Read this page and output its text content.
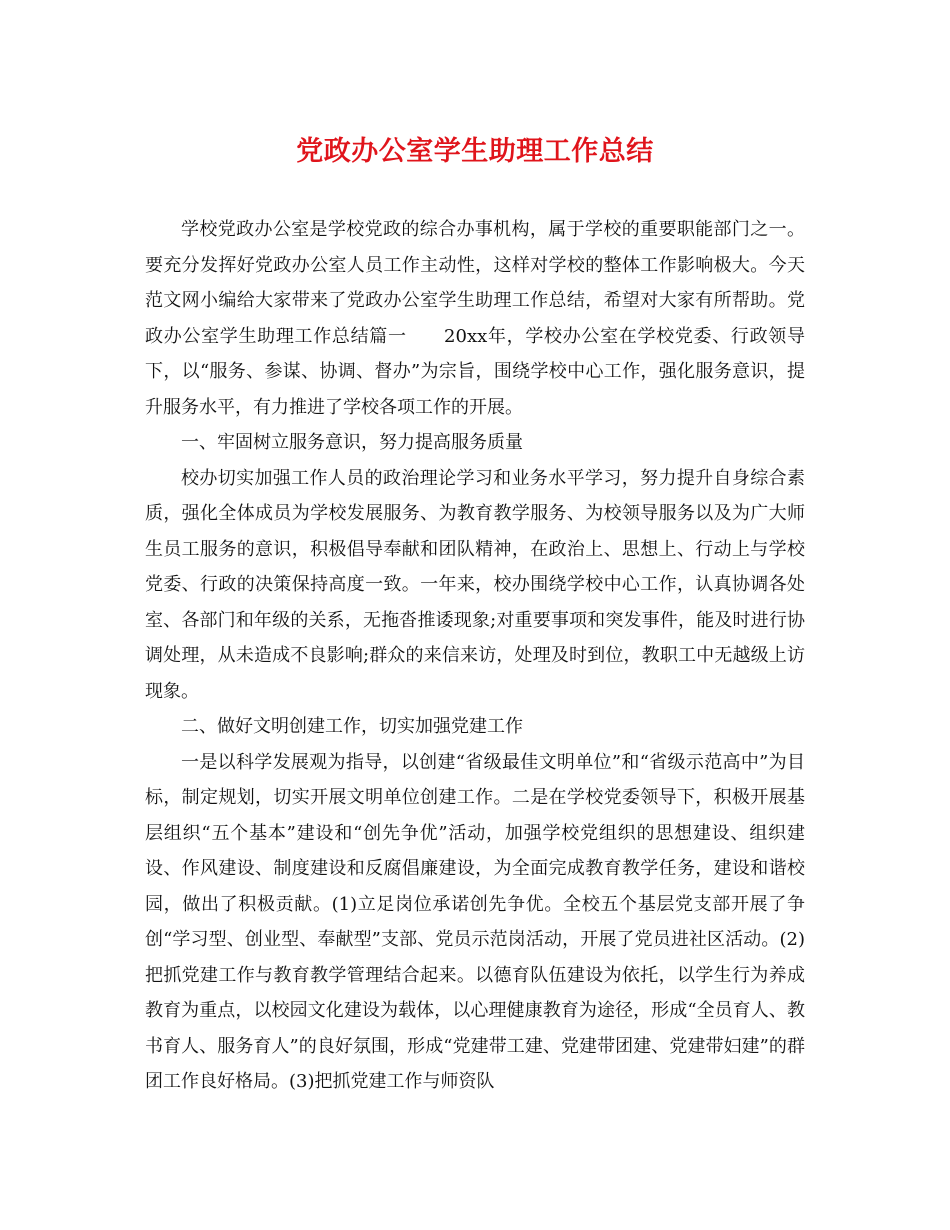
党政办公室学生助理工作总结

学校党政办公室是学校党政的综合办事机构，属于学校的重要职能部门之一。要充分发挥好党政办公室人员工作主动性，这样对学校的整体工作影响极大。今天范文网小编给大家带来了党政办公室学生助理工作总结，希望对大家有所帮助。党政办公室学生助理工作总结篇一　　20xx年，学校办公室在学校党委、行政领导下，以“服务、参谋、协调、督办”为宗旨，围绕学校中心工作，强化服务意识，提升服务水平，有力推进了学校各项工作的开展。

一、牢固树立服务意识，努力提高服务质量

校办切实加强工作人员的政治理论学习和业务水平学习，努力提升自身综合素质，强化全体成员为学校发展服务、为教育教学服务、为校领导服务以及为广大师生员工服务的意识，积极倡导奉献和团队精神，在政治上、思想上、行动上与学校党委、行政的决策保持高度一致。一年来，校办围绕学校中心工作，认真协调各处室、各部门和年级的关系，无拖沓推诿现象;对重要事项和突发事件，能及时进行协调处理，从未造成不良影响;群众的来信来访，处理及时到位，教职工中无越级上访现象。

二、做好文明创建工作，切实加强党建工作

一是以科学发展观为指导，以创建“省级最佳文明单位”和“省级示范高中”为目标，制定规划，切实开展文明单位创建工作。二是在学校党委领导下，积极开展基层组织“五个基本”建设和“创先争优”活动，加强学校党组织的思想建设、组织建设、作风建设、制度建设和反腐倡廉建设，为全面完成教育教学任务，建设和谐校园，做出了积极贡献。(1)立足岗位承诺创先争优。全校五个基层党支部开展了争创“学习型、创业型、奉献型”支部、党员示范岗活动，开展了党员进社区活动。(2)把抓党建工作与教育教学管理结合起来。以德育队伍建设为依托，以学生行为养成教育为重点，以校园文化建设为载体，以心理健康教育为途径，形成“全员育人、教书育人、服务育人”的良好氛围，形成“党建带工建、党建带团建、党建带妇建”的群团工作良好格局。(3)把抓党建工作与师资队
